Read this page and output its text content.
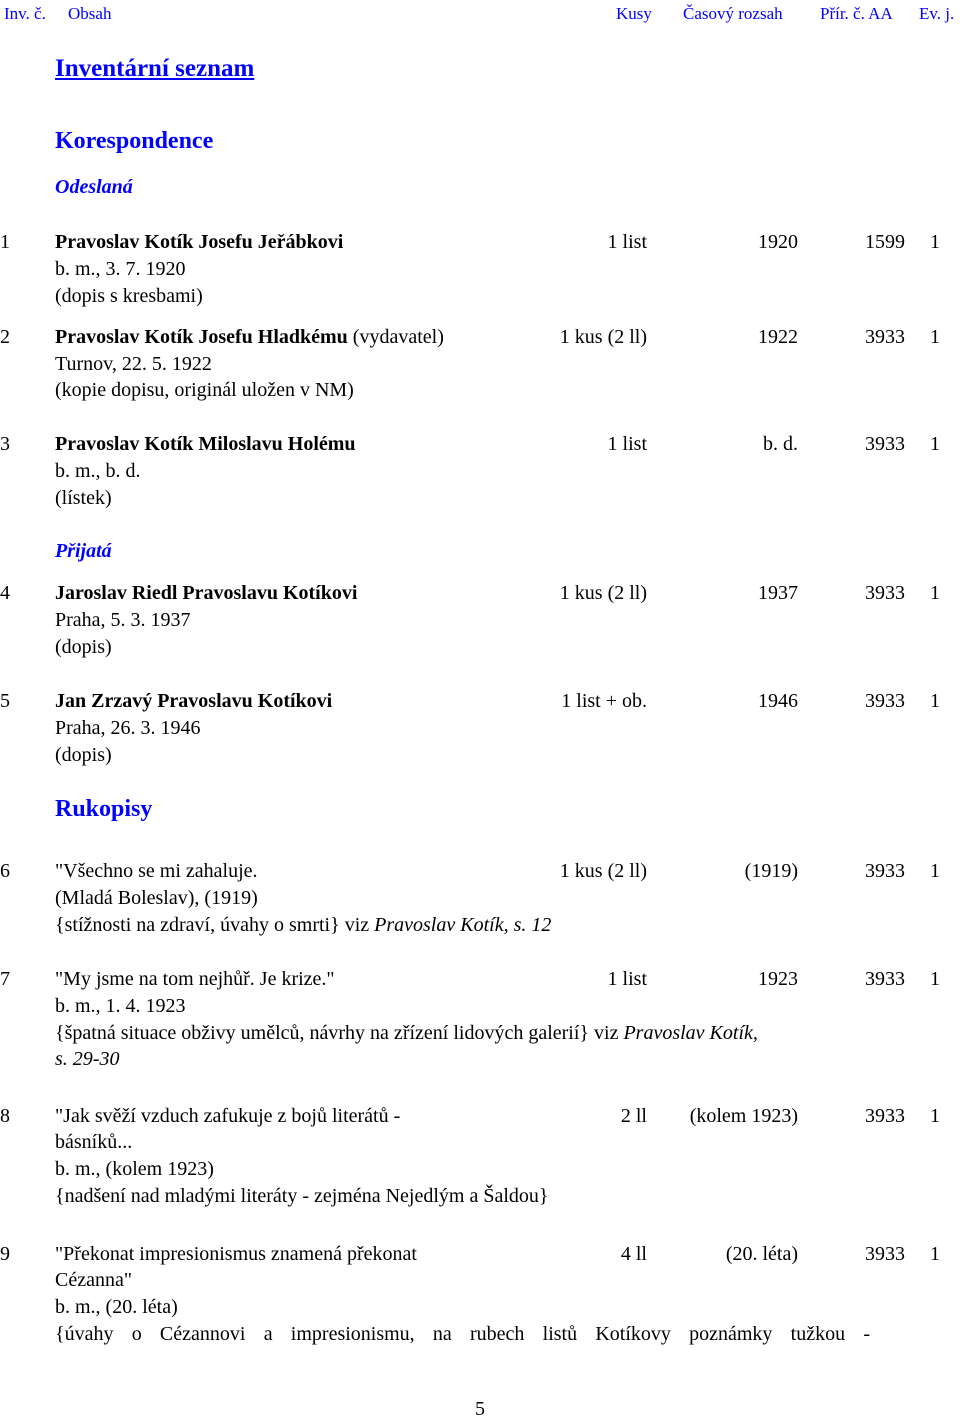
Inv. č. Obsah	Kusy Časový rozsah Přír. č. AA Ev. j.
Inventární seznam
Korespondence
Odeslaná
1 Pravoslav Kotík Josefu Jeřábkovi	1 list	1920	1599 1
b. m., 3. 7. 1920
(dopis s kresbami)
2 Pravoslav Kotík Josefu Hladkému (vydavatel)	1 kus (2 ll)	1922	3933 1
Turnov, 22. 5. 1922
(kopie dopisu, originál uložen v NM)
3 Pravoslav Kotík Miloslavu Holému	1 list	b. d.	3933 1
b. m., b. d.
(lístek)
Přijatá
4 Jaroslav Riedl Pravoslavu Kotíkovi	1 kus (2 ll)	1937	3933 1
Praha, 5. 3. 1937
(dopis)
5 Jan Zrzavý Pravoslavu Kotíkovi	1 list + ob.	1946	3933 1
Praha, 26. 3. 1946
(dopis)
Rukopisy
6 "Všechno se mi zahaluje.	1 kus (2 ll)	(1919)	3933 1
(Mladá Boleslav), (1919)
{stížnosti na zdraví, úvahy o smrti} viz Pravoslav Kotík, s. 12
7 "My jsme na tom nejhůř. Je krize."	1 list	1923	3933 1
b. m., 1. 4. 1923
{špatná situace obživy umělců, návrhy na zřízení lidových galerií} viz Pravoslav Kotík,
s. 29-30
8 "Jak svěží vzduch zafukuje z bojů literátů -	2 ll	(kolem 1923)	3933 1
básníků...
b. m., (kolem 1923)
{nadšení nad mladými literáty - zejména Nejedlým a Šaldou}
9 "Překonat impresionismus znamená překonat	4 ll	(20. léta)	3933 1
Cézanna"
b. m., (20. léta)
{úvahy o Cézannovi a impresionismu, na rubech listů Kotíkovy poznámky tužkou -
5
